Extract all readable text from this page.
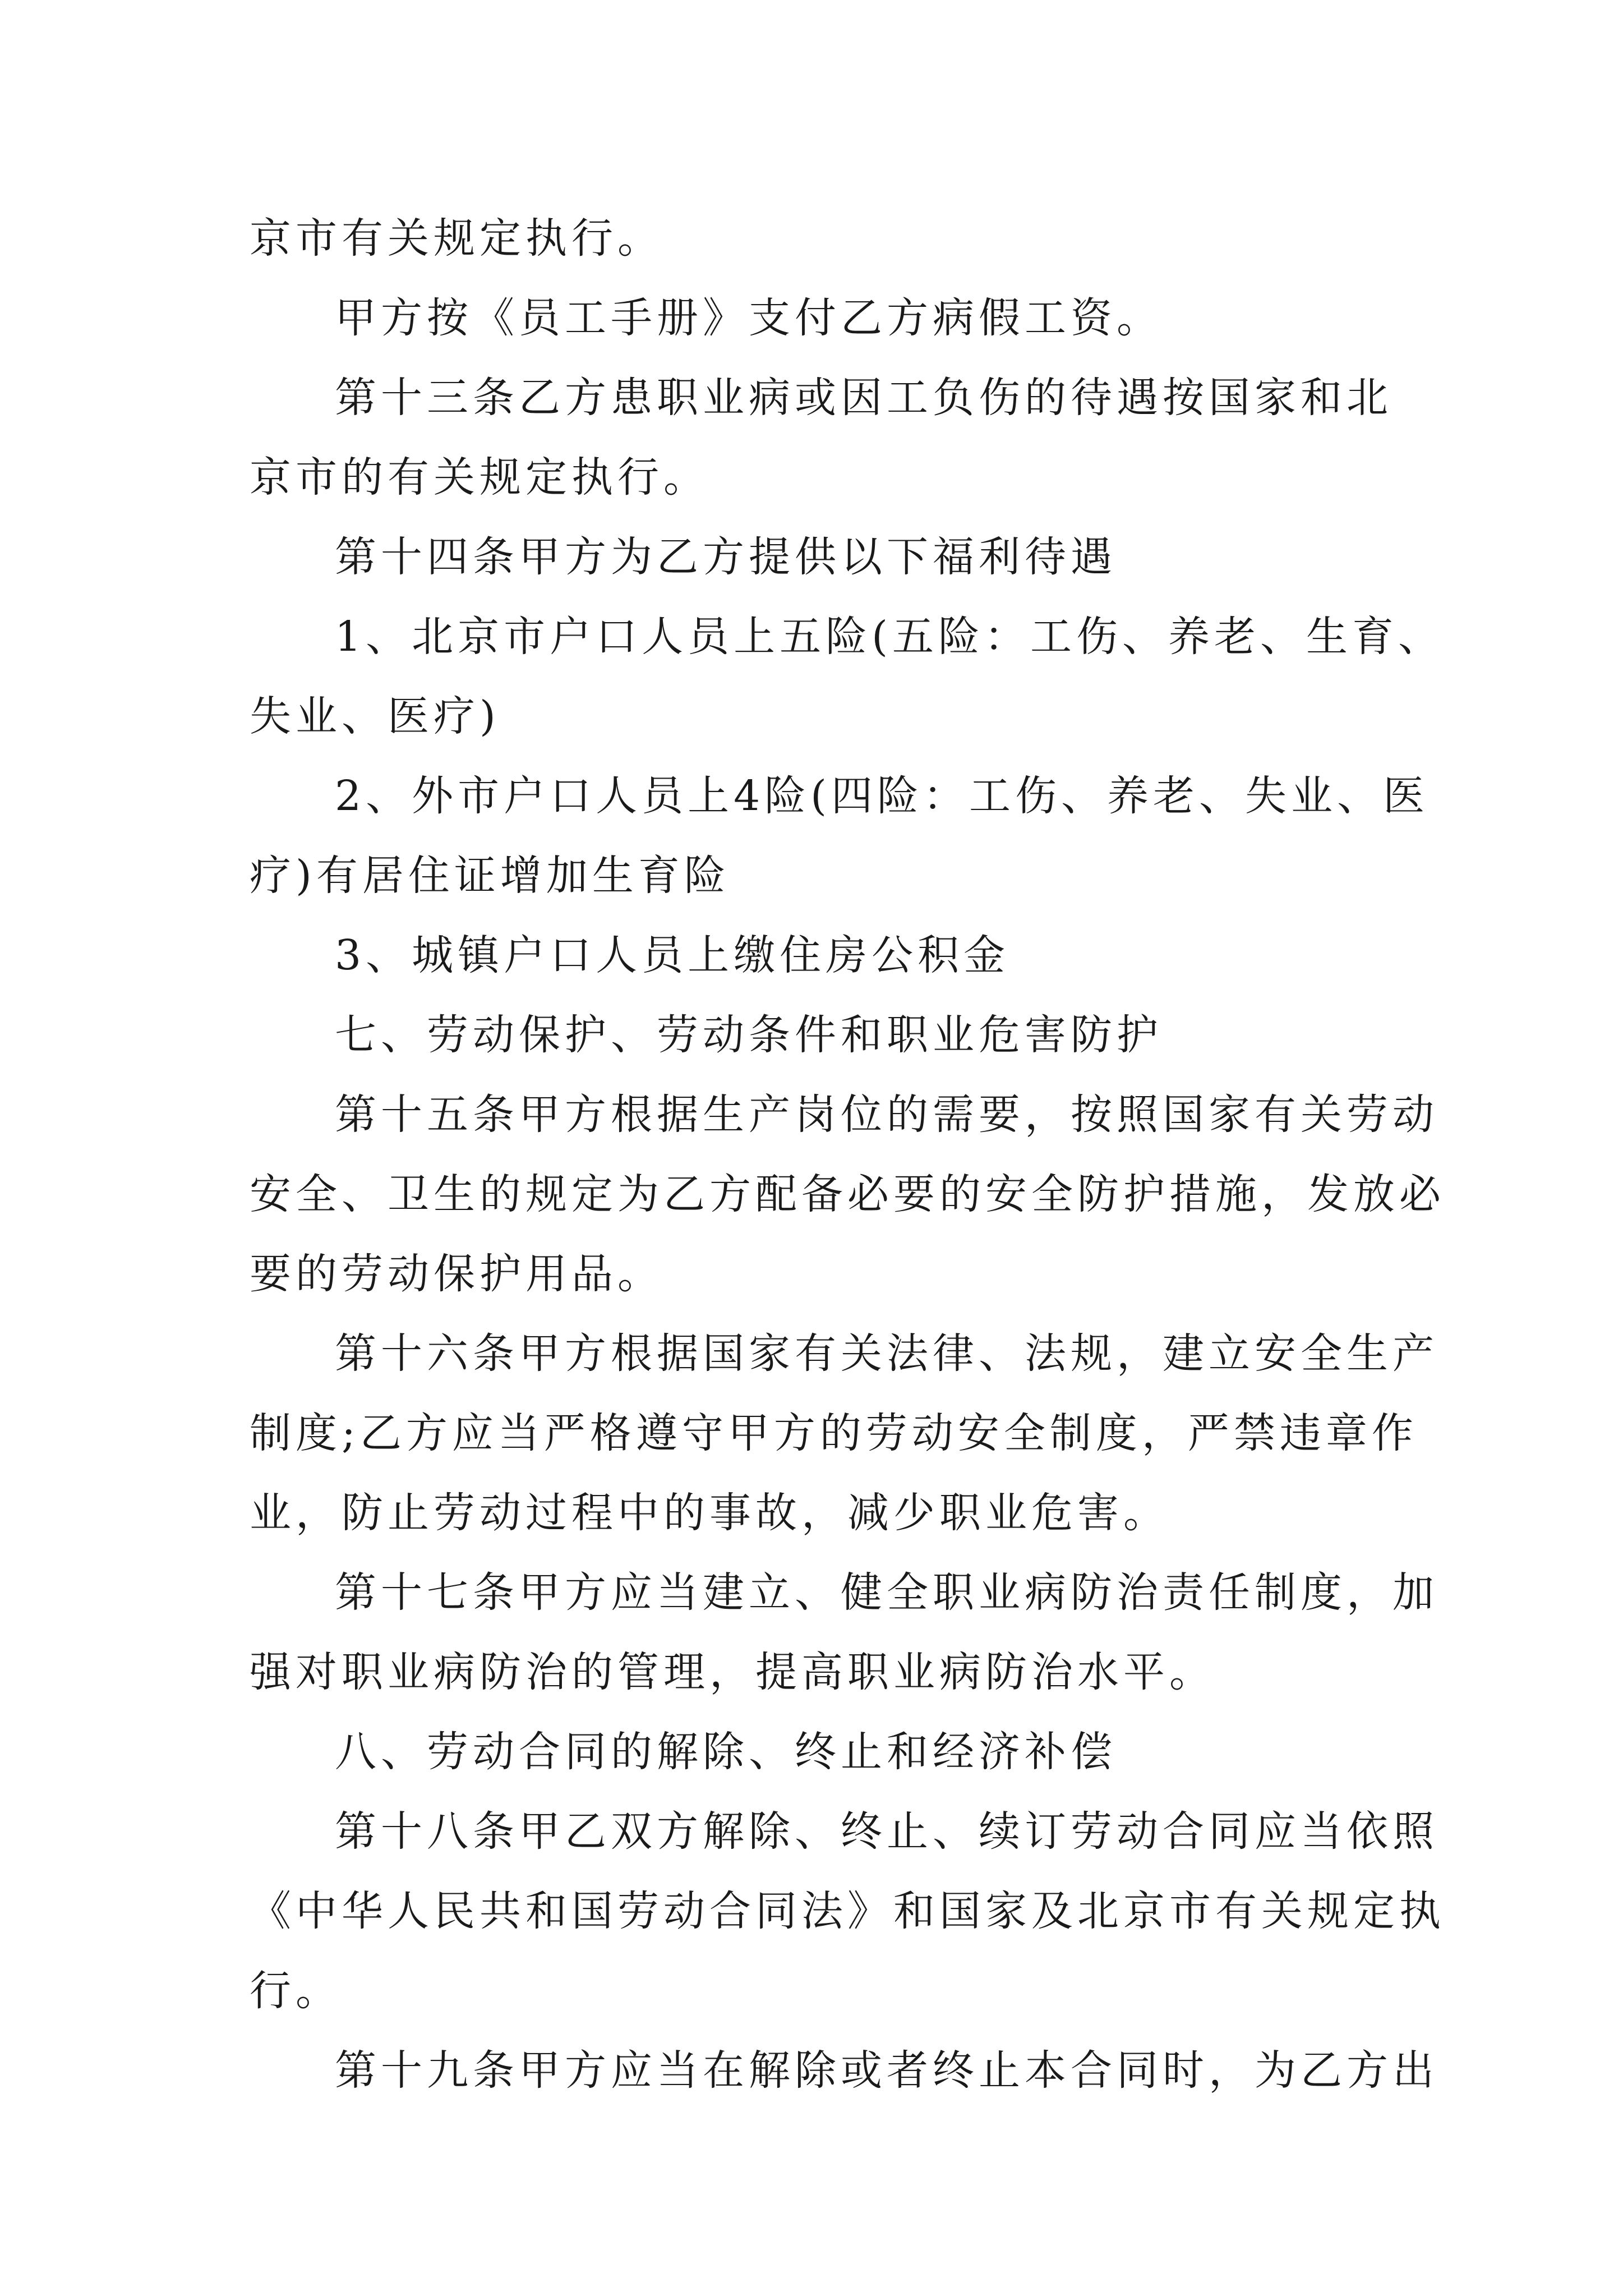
京市有关规定执行。
甲方按《员工手册》支付乙方病假工资。
第十三条乙方患职业病或因工负伤的待遇按国家和北
京市的有关规定执行。
第十四条甲方为乙方提供以下福利待遇
1、北京市户口人员上五险(五险：工伤、养老、生育、
失业、医疗)
2、外市户口人员上4险(四险：工伤、养老、失业、医
疗)有居住证增加生育险
3、城镇户口人员上缴住房公积金
七、劳动保护、劳动条件和职业危害防护
第十五条甲方根据生产岗位的需要，按照国家有关劳动
安全、卫生的规定为乙方配备必要的安全防护措施，发放必
要的劳动保护用品。
第十六条甲方根据国家有关法律、法规，建立安全生产
制度;乙方应当严格遵守甲方的劳动安全制度，严禁违章作
业，防止劳动过程中的事故，减少职业危害。
第十七条甲方应当建立、健全职业病防治责任制度，加
强对职业病防治的管理，提高职业病防治水平。
八、劳动合同的解除、终止和经济补偿
第十八条甲乙双方解除、终止、续订劳动合同应当依照
《中华人民共和国劳动合同法》和国家及北京市有关规定执
行。
第十九条甲方应当在解除或者终止本合同时，为乙方出
